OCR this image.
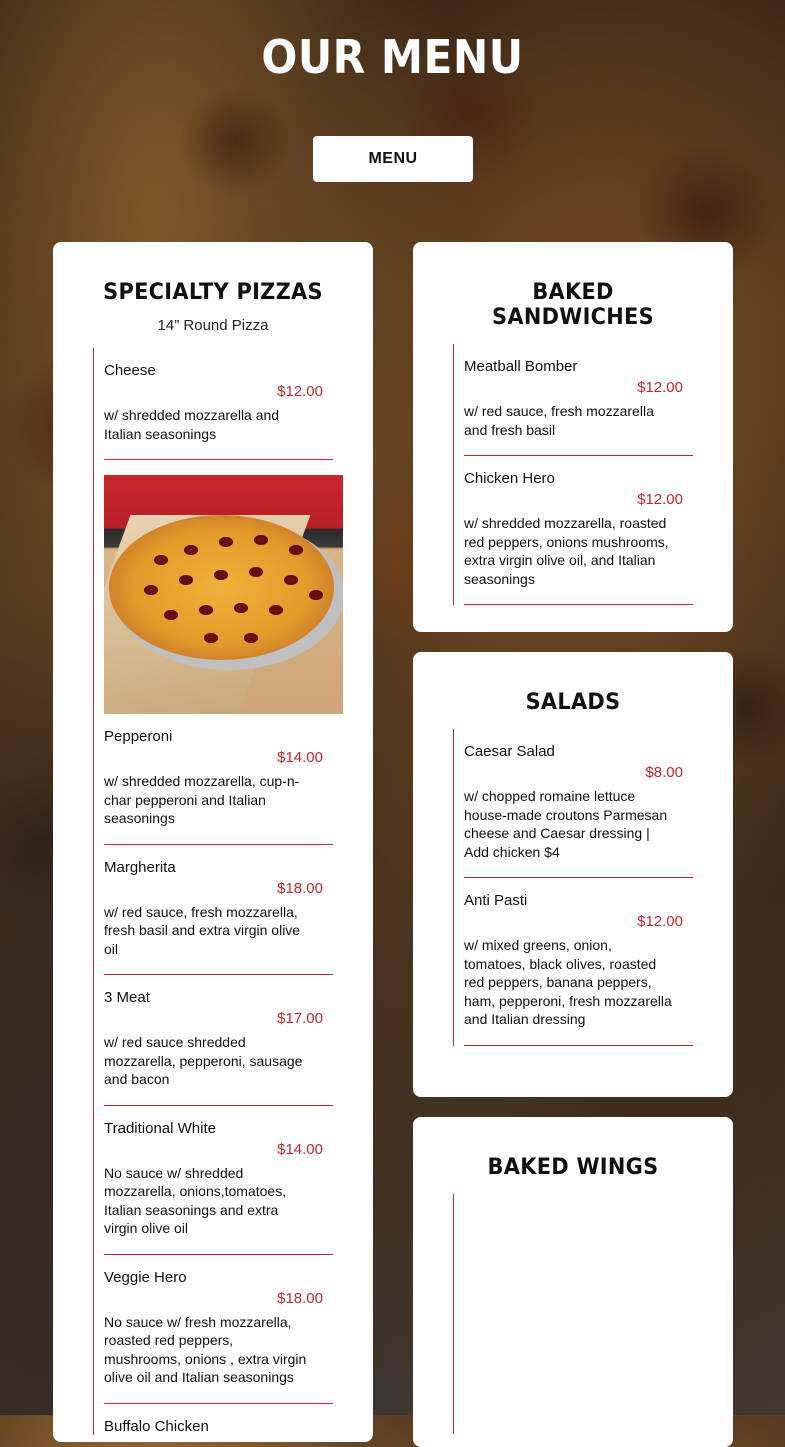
OUR MENU
MENU
SPECIALTY PIZZAS
14” Round Pizza
Cheese
$12.00
w/ shredded mozzarella and Italian seasonings
Pepperoni
$14.00
w/ shredded mozzarella, cup-n-char pepperoni and Italian seasonings
Margherita
$18.00
w/ red sauce, fresh mozzarella, fresh basil and extra virgin olive oil
3 Meat
$17.00
w/ red sauce shredded mozzarella, pepperoni, sausage and bacon
Traditional White
$14.00
No sauce w/ shredded mozzarella, onions,tomatoes, Italian seasonings and extra virgin olive oil
Veggie Hero
$18.00
No sauce w/ fresh mozzarella, roasted red peppers, mushrooms, onions , extra virgin olive oil and Italian seasonings
Buffalo Chicken
BAKED SANDWICHES
Meatball Bomber
$12.00
w/ red sauce, fresh mozzarella and fresh basil
Chicken Hero
$12.00
w/ shredded mozzarella, roasted red peppers, onions mushrooms, extra virgin olive oil, and Italian seasonings
SALADS
Caesar Salad
$8.00
w/ chopped romaine lettuce house-made croutons Parmesan cheese and Caesar dressing | Add chicken $4
Anti Pasti
$12.00
w/ mixed greens, onion, tomatoes, black olives, roasted red peppers, banana peppers, ham, pepperoni, fresh mozzarella and Italian dressing
BAKED WINGS
